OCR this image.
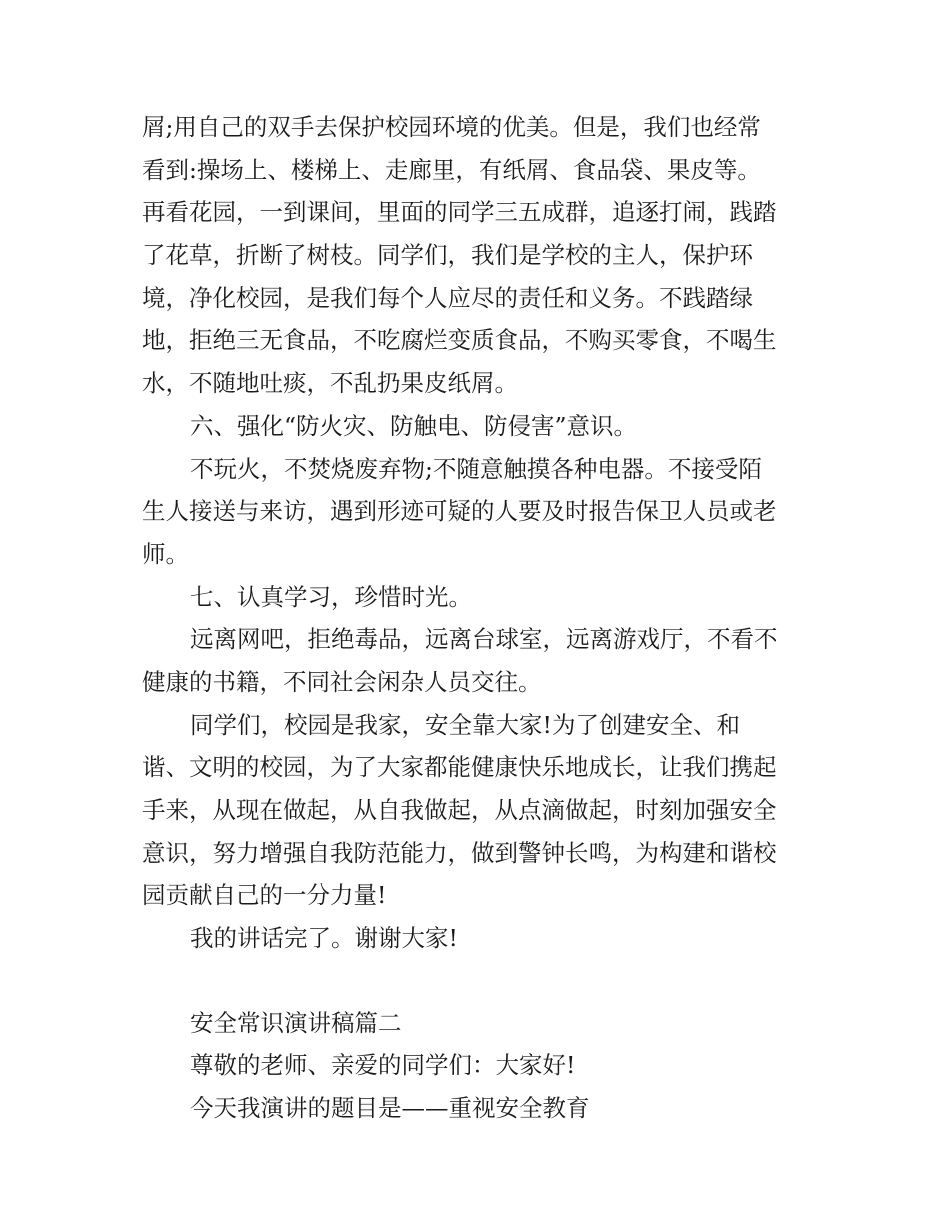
屑;用自己的双手去保护校园环境的优美。但是，我们也经常
看到:操场上、楼梯上、走廊里，有纸屑、食品袋、果皮等。
再看花园，一到课间，里面的同学三五成群，追逐打闹，践踏
了花草，折断了树枝。同学们，我们是学校的主人，保护环
境，净化校园，是我们每个人应尽的责任和义务。不践踏绿
地，拒绝三无食品，不吃腐烂变质食品，不购买零食，不喝生
水，不随地吐痰，不乱扔果皮纸屑。
六、强化“防火灾、防触电、防侵害”意识。
不玩火，不焚烧废弃物;不随意触摸各种电器。不接受陌
生人接送与来访，遇到形迹可疑的人要及时报告保卫人员或老
师。
七、认真学习，珍惜时光。
远离网吧，拒绝毒品，远离台球室，远离游戏厅，不看不
健康的书籍，不同社会闲杂人员交往。
同学们，校园是我家，安全靠大家!为了创建安全、和
谐、文明的校园，为了大家都能健康快乐地成长，让我们携起
手来，从现在做起，从自我做起，从点滴做起，时刻加强安全
意识，努力增强自我防范能力，做到警钟长鸣，为构建和谐校
园贡献自己的一分力量!
我的讲话完了。谢谢大家!
安全常识演讲稿篇二
尊敬的老师、亲爱的同学们：大家好!
今天我演讲的题目是——重视安全教育
